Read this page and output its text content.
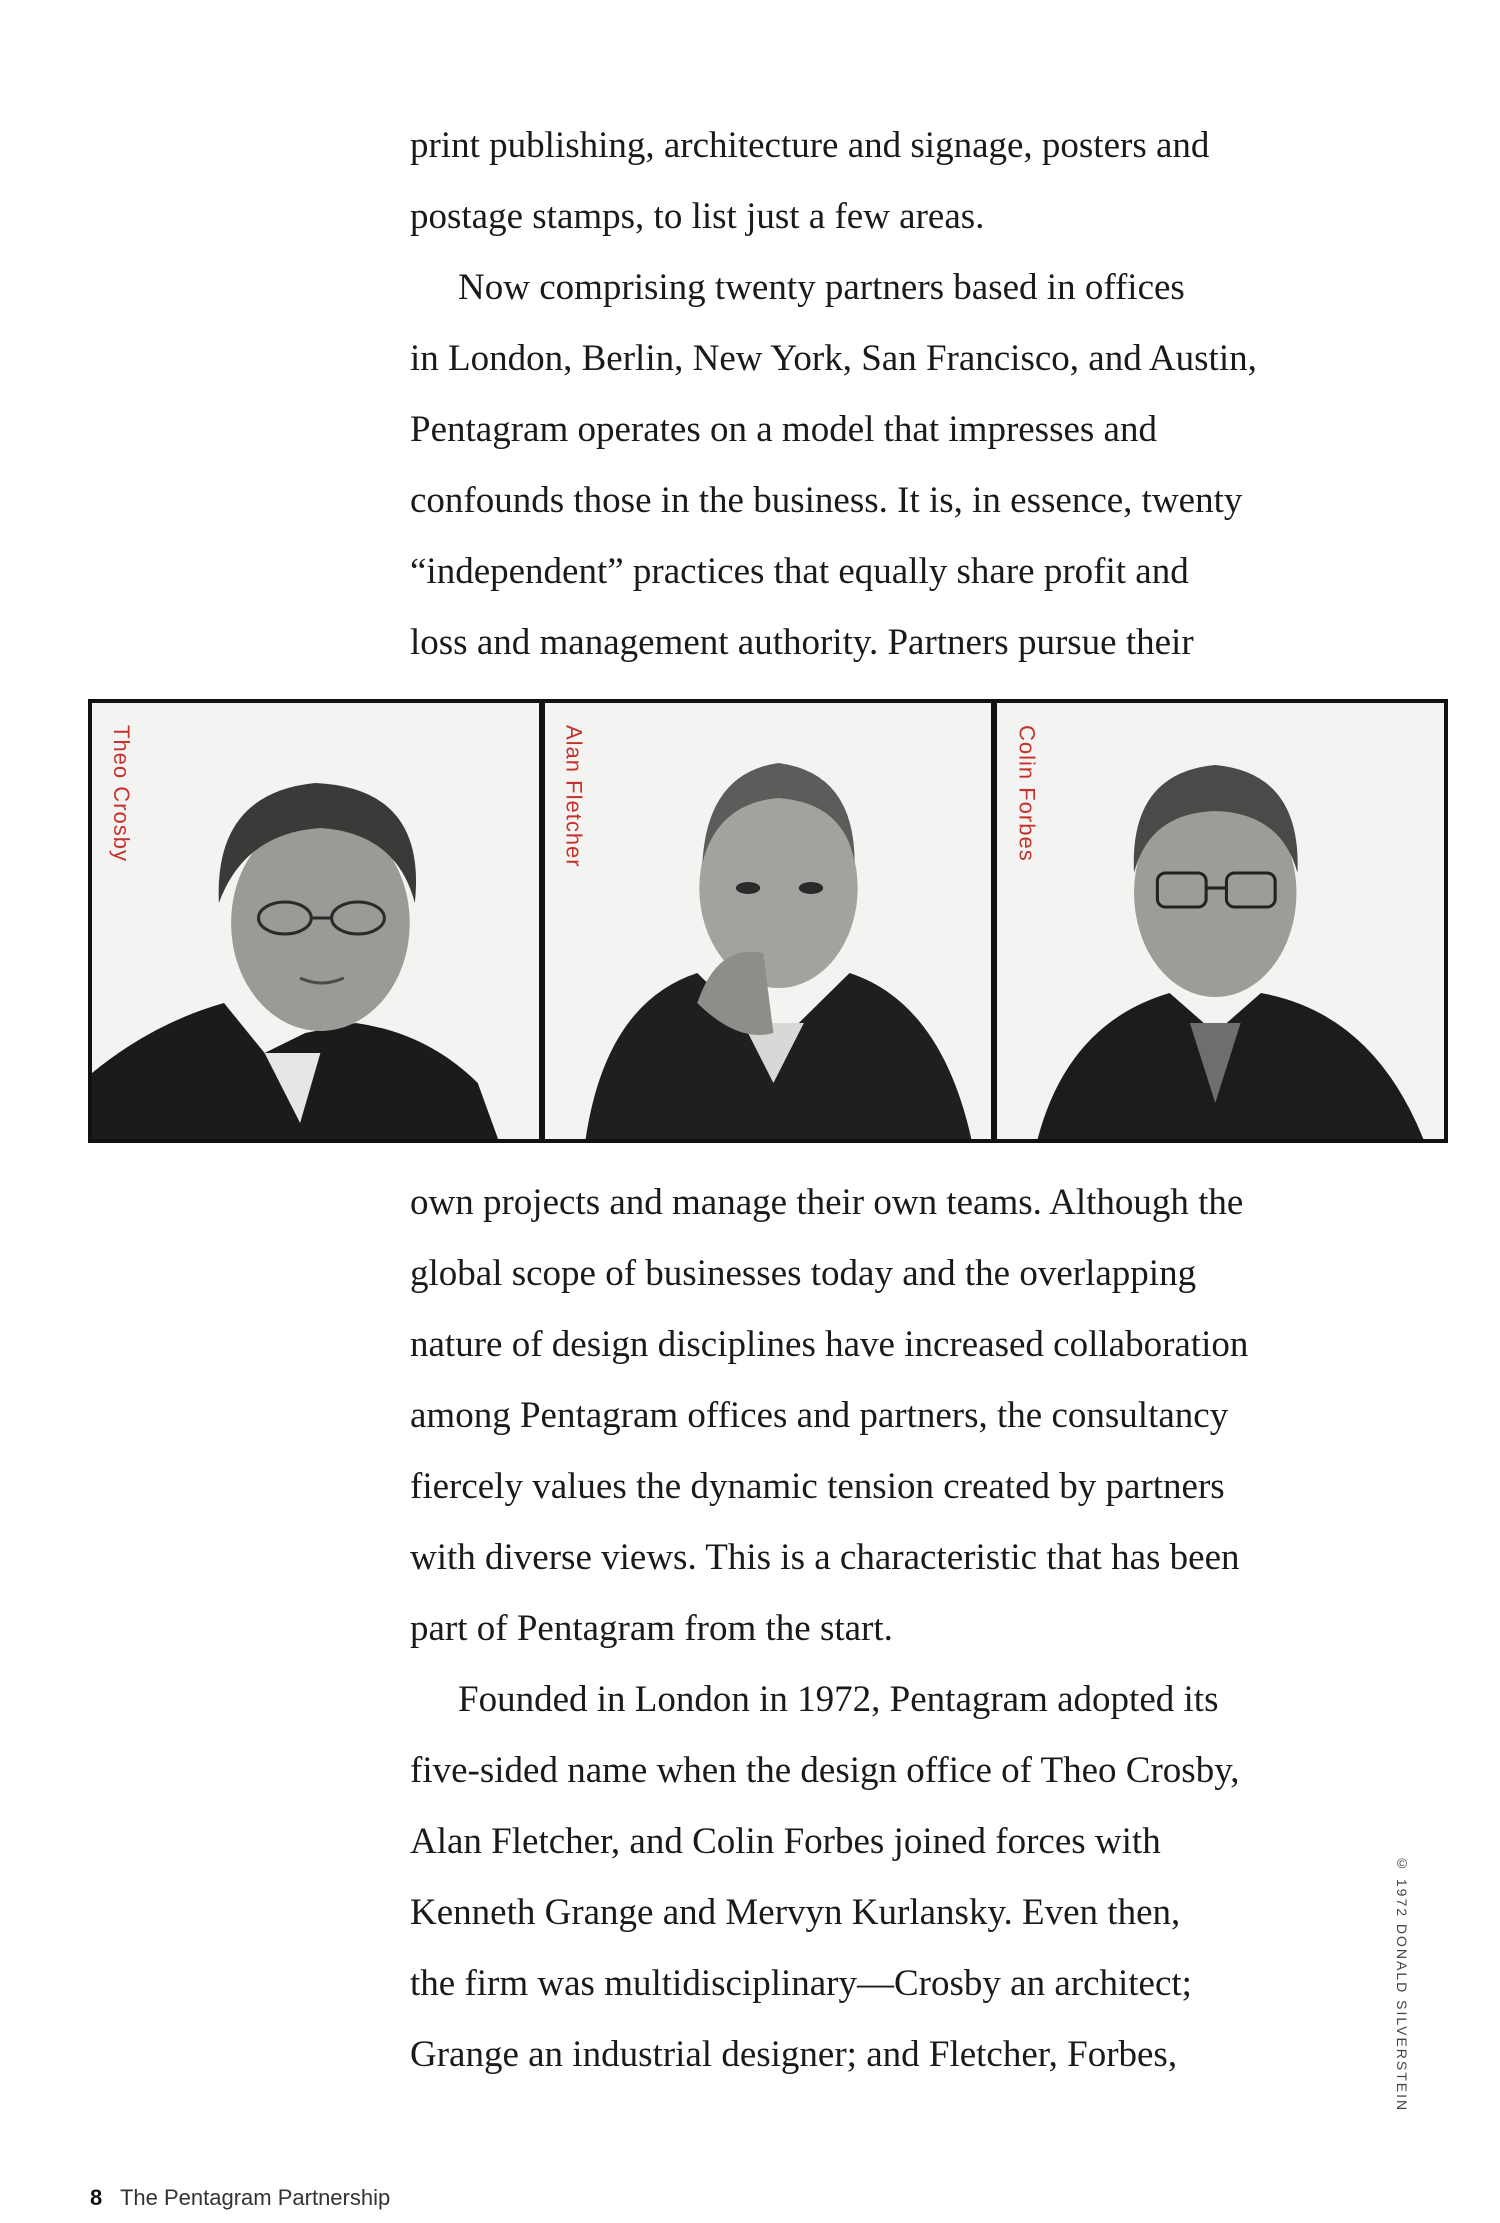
print publishing, architecture and signage, posters and

postage stamps, to list just a few areas.

Now comprising twenty partners based in offices

in London, Berlin, New York, San Francisco, and Austin,

Pentagram operates on a model that impresses and

confounds those in the business. It is, in essence, twenty

“independent” practices that equally share profit and

loss and management authority. Partners pursue their

Theo Crosby	Alan Fletcher	Colin Forbes

own projects and manage their own teams. Although the

global scope of businesses today and the overlapping

nature of design disciplines have increased collaboration

among Pentagram offices and partners, the consultancy

fiercely values the dynamic tension created by partners

with diverse views. This is a characteristic that has been

part of Pentagram from the start.

Founded in London in 1972, Pentagram adopted its

five-sided name when the design office of Theo Crosby,

Alan Fletcher, and Colin Forbes joined forces with

Kenneth Grange and Mervyn Kurlansky. Even then,

the firm was multidisciplinary—Crosby an architect;

Grange an industrial designer; and Fletcher, Forbes,	© 1972 DONALD SILVERSTEIN
8 The Pentagram Partnership
